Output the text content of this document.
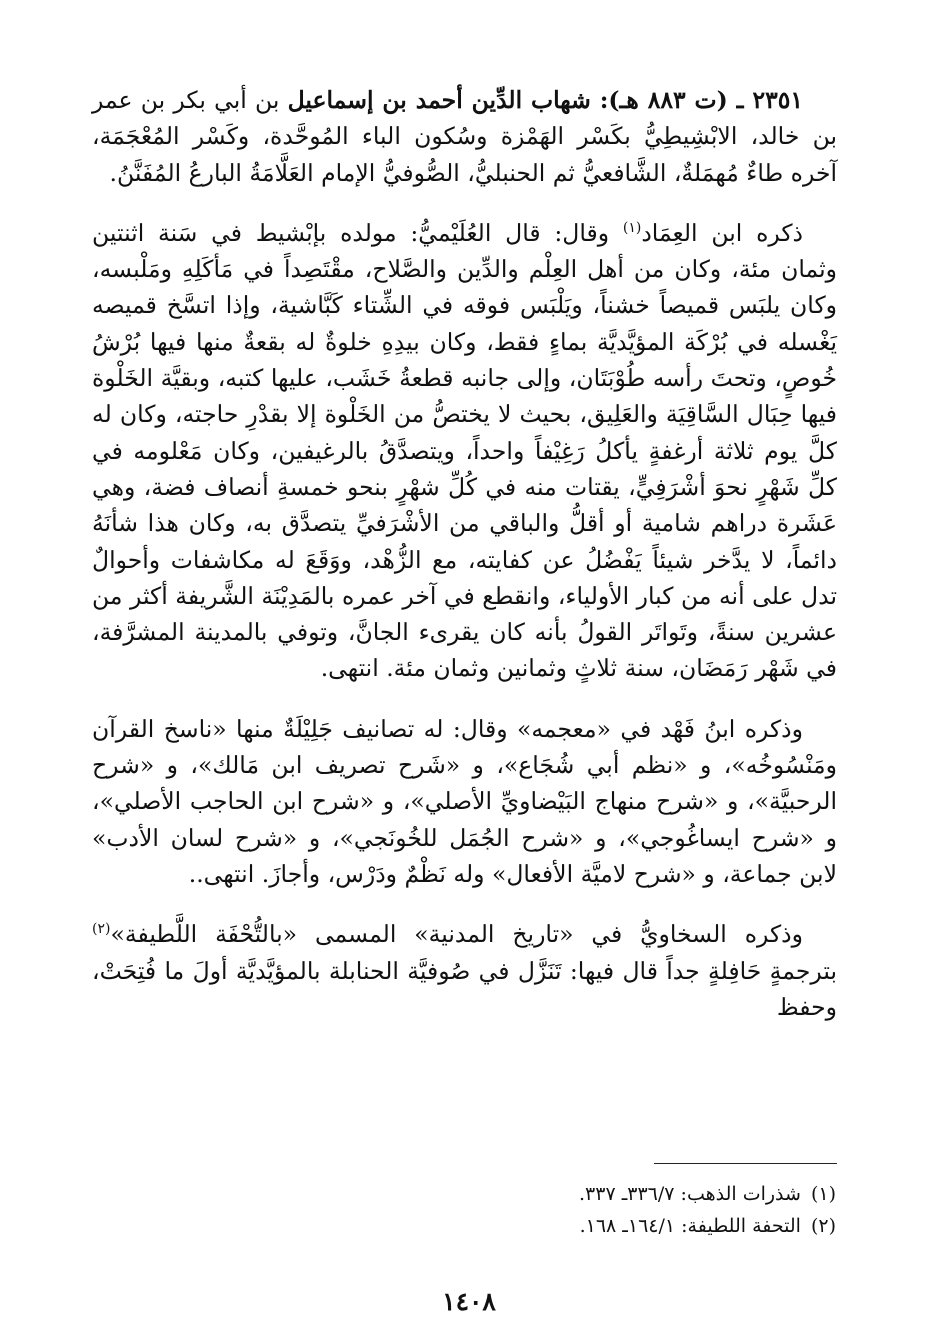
٢٣٥١ ـ (ت ٨٨٣ هـ): شهاب الدِّين أحمد بن إسماعيل بن أبي بكر بن عمر بن خالد، الابْشِيطِيُّ بكَسْر الهَمْزة وسُكون الباء المُوحَّدة، وكَسْر المُعْجَمَة، آخره طاءٌ مُهمَلةٌ، الشَّافعيُّ ثم الحنبليُّ، الصُّوفيُّ الإمام العَلَّامَةُ البارعُ المُفَنَّنُ.

ذكره ابن العِمَاد$^{(١)}$ وقال: قال العُلَيْميُّ: مولده بإبْشيط في سَنة اثنتين وثمان مئة، وكان من أهل العِلْم والدِّين والصَّلاح، مقْتَصِداً في مَأكَلِهِ ومَلْبسه، وكان يلبَس قميصاً خشناً، ويَلْبَس فوقه في الشِّتاء كَبَّاشية، وإذا اتسَّخ قميصه يَغْسله في بُرْكَة المؤيَّديَّة بماءٍ فقط، وكان بيدِهِ خلوةٌ له بقعةٌ منها فيها بُرْشُ خُوصٍ، وتحتَ رأسه طُوْبَتَان، وإلى جانبه قطعةُ خَشَب، عليها كتبه، وبقيَّة الخَلْوة فيها حِبَال السَّاقِيَة والعَلِيق، بحيث لا يختصُّ من الخَلْوة إلا بقدْرِ حاجته، وكان له كلَّ يوم ثلاثة أرغفةٍ يأكلُ رَغِيْفاً واحداً، ويتصدَّقُ بالرغيفين، وكان مَعْلومه في كلِّ شَهْرٍ نحوَ أشْرَفِيٍّ، يقتات منه في كُلِّ شهْرٍ بنحو خمسةِ أنصاف فضة، وهي عَشَرة دراهم شامية أو أقلُّ والباقي من الأشْرَفيِّ يتصدَّق به، وكان هذا شأنَهُ دائماً، لا يدَّخر شيئاً يَفْضُلُ عن كفايته، مع الزُّهْد، ووَقَعَ له مكاشفات وأحوالٌ تدل على أنه من كبار الأولياء، وانقطع في آخر عمره بالمَدِيْنَة الشَّريفة أكثر من عشرين سنةً، وتَواتَر القولُ بأنه كان يقرىء الجانَّ، وتوفي بالمدينة المشرَّفة، في شَهْر رَمَضَان، سنة ثلاثٍ وثمانين وثمان مئة. انتهى.

وذكره ابنُ فَهْد في «معجمه» وقال: له تصانيف جَلِيْلَةٌ منها «ناسخ القرآن ومَنْسُوخُه»، و «نظم أبي شُجَاع»، و «شَرح تصريف ابن مَالك»، و «شرح الرحبيَّة»، و «شرح منهاج البَيْضاويِّ الأصلي»، و «شرح ابن الحاجب الأصلي»، و «شرح ايساغُوجي»، و «شرح الجُمَل للخُونَجي»، و «شرح لسان الأدب» لابن جماعة، و «شرح لاميَّة الأفعال» وله نَظْمٌ ودَرْس، وأجازَ. انتهى..

وذكره السخاويُّ في «تاريخ المدنية» المسمى «بالتُّحْفَة اللَّطيفة»$^{(٢)}$ بترجمةٍ حَافِلةٍ جداً قال فيها: تَنَزَّل في صُوفيَّة الحنابلة بالمؤيَّديَّة أولَ ما فُتِحَتْ، وحفظ

(١)شذرات الذهب: ٣٣٦/٧ـ ٣٣٧.

(٢)التحفة اللطيفة: ١٦٤/١ـ ١٦٨.

١٤٠٨
